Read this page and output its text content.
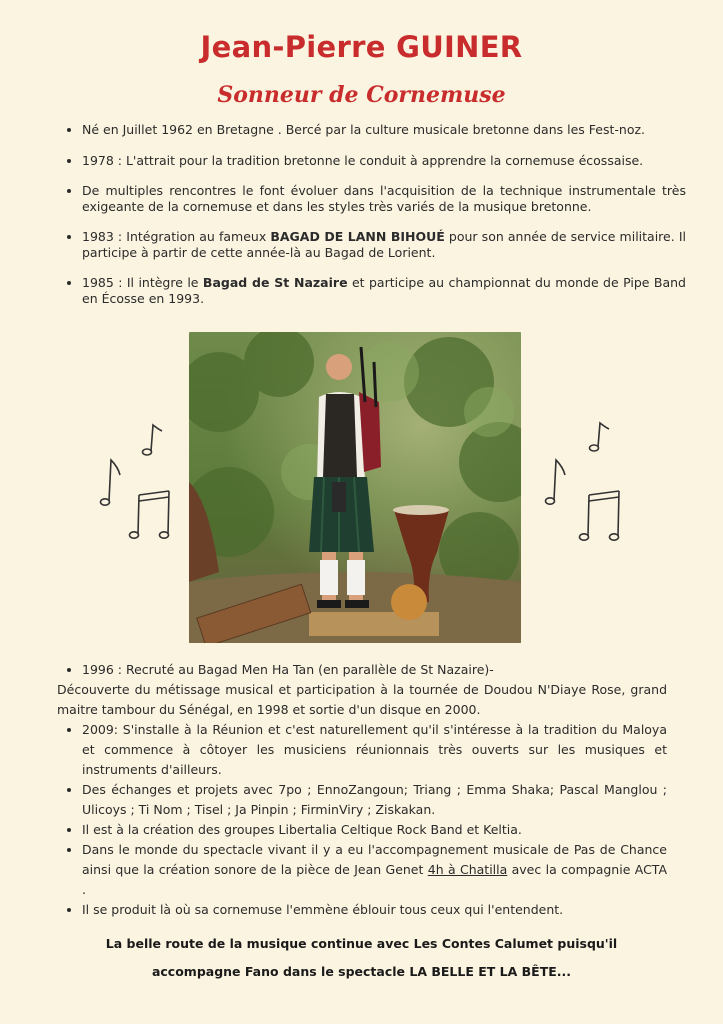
Jean-Pierre GUINER
Sonneur de Cornemuse
• Né en Juillet 1962 en Bretagne . Bercé par la culture musicale bretonne dans les Fest-noz.
• 1978 : L'attrait pour la tradition bretonne le conduit à apprendre la cornemuse écossaise.
• De multiples rencontres le font évoluer dans l'acquisition de la technique instrumentale très exigeante de la cornemuse et dans les styles très variés de la musique bretonne.
• 1983 : Intégration au fameux BAGAD DE LANN BIHOUÉ pour son année de service militaire. Il participe à partir de cette année-là au Bagad de Lorient.
• 1985 : Il intègre le Bagad de St Nazaire et participe au championnat du monde de Pipe Band en Écosse en 1993.
• 1996 : Recruté au Bagad Men Ha Tan (en parallèle de St Nazaire)-

Découverte du métissage musical et participation à la tournée de Doudou N'Diaye Rose, grand maitre tambour du Sénégal, en 1998 et sortie d'un disque en 2000.

• 2009: S'installe à la Réunion et c'est naturellement qu'il s'intéresse à la tradition du Maloya et commence à côtoyer les musiciens réunionnais très ouverts sur les musiques et instruments d'ailleurs.
• Des échanges et projets avec 7po ; EnnoZangoun; Triang ; Emma Shaka; Pascal Manglou ; Ulicoys ; Ti Nom ; Tisel ; Ja Pinpin ; FirminViry ; Ziskakan.
• Il est à la création des groupes Libertalia Celtique Rock Band et Keltia.
• Dans le monde du spectacle vivant il y a eu l'accompagnement musicale de Pas de Chance ainsi que la création sonore de la pièce de Jean Genet 4h à Chatilla avec la compagnie ACTA .
• Il se produit là où sa cornemuse l'emmène éblouir tous ceux qui l'entendent.
La belle route de la musique continue avec Les Contes Calumet puisqu'il
accompagne Fano dans le spectacle LA BELLE ET LA BÊTE...
